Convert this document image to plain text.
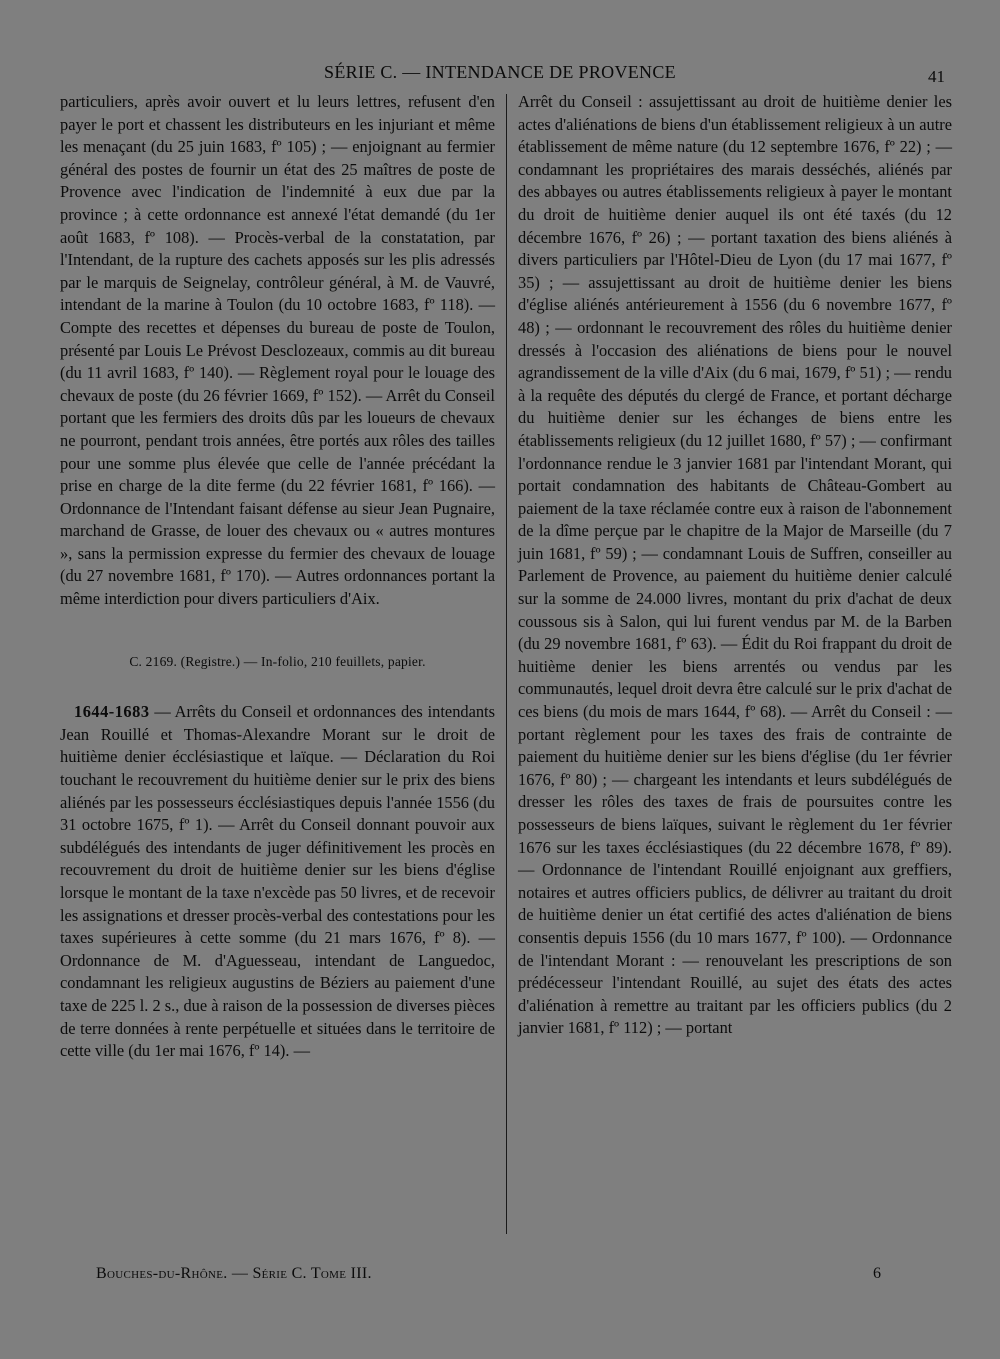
SÉRIE C. — INTENDANCE DE PROVENCE	41

particuliers, après avoir ouvert et lu leurs lettres, refusent d'en payer le port et chassent les distributeurs en les injuriant et même les menaçant (du 25 juin 1683, fº 105) ; — enjoignant au fermier général des postes de fournir un état des 25 maîtres de poste de Provence avec l'indication de l'indemnité à eux due par la province ; à cette ordonnance est annexé l'état demandé (du 1er août 1683, fº 108). — Procès-verbal de la constatation, par l'Intendant, de la rupture des cachets apposés sur les plis adressés par le marquis de Seignelay, contrôleur général, à M. de Vauvré, intendant de la marine à Toulon (du 10 octobre 1683, fº 118). — Compte des recettes et dépenses du bureau de poste de Toulon, présenté par Louis Le Prévost Desclozeaux, commis au dit bureau (du 11 avril 1683, fº 140). — Règlement royal pour le louage des chevaux de poste (du 26 février 1669, fº 152). — Arrêt du Conseil portant que les fermiers des droits dûs par les loueurs de chevaux ne pourront, pendant trois années, être portés aux rôles des tailles pour une somme plus élevée que celle de l'année précédant la prise en charge de la dite ferme (du 22 février 1681, fº 166). — Ordonnance de l'Intendant faisant défense au sieur Jean Pugnaire, marchand de Grasse, de louer des chevaux ou « autres montures », sans la permission expresse du fermier des chevaux de louage (du 27 novembre 1681, fº 170). — Autres ordonnances portant la même interdiction pour divers particuliers d'Aix.

C. 2169. (Registre.) — In-folio, 210 feuillets, papier.

1644-1683 — Arrêts du Conseil et ordonnances des intendants Jean Rouillé et Thomas-Alexandre Morant sur le droit de huitième denier écclésiastique et laïque. — Déclaration du Roi touchant le recouvrement du huitième denier sur le prix des biens aliénés par les possesseurs écclésiastiques depuis l'année 1556 (du 31 octobre 1675, fº 1). — Arrêt du Conseil donnant pouvoir aux subdélégués des intendants de juger définitivement les procès en recouvrement du droit de huitième denier sur les biens d'église lorsque le montant de la taxe n'excède pas 50 livres, et de recevoir les assignations et dresser procès-verbal des contestations pour les taxes supérieures à cette somme (du 21 mars 1676, fº 8). — Ordonnance de M. d'Aguesseau, intendant de Languedoc, condamnant les religieux augustins de Béziers au paiement d'une taxe de 225 l. 2 s., due à raison de la possession de diverses pièces de terre données à rente perpétuelle et situées dans le territoire de cette ville (du 1er mai 1676, fº 14). —

Arrêt du Conseil : assujettissant au droit de huitième denier les actes d'aliénations de biens d'un établissement religieux à un autre établissement de même nature (du 12 septembre 1676, fº 22) ; — condamnant les propriétaires des marais desséchés, aliénés par des abbayes ou autres établissements religieux à payer le montant du droit de huitième denier auquel ils ont été taxés (du 12 décembre 1676, fº 26) ; — portant taxation des biens aliénés à divers particuliers par l'Hôtel-Dieu de Lyon (du 17 mai 1677, fº 35) ; — assujettissant au droit de huitième denier les biens d'église aliénés antérieurement à 1556 (du 6 novembre 1677, fº 48) ; — ordonnant le recouvrement des rôles du huitième denier dressés à l'occasion des aliénations de biens pour le nouvel agrandissement de la ville d'Aix (du 6 mai, 1679, fº 51) ; — rendu à la requête des députés du clergé de France, et portant décharge du huitième denier sur les échanges de biens entre les établissements religieux (du 12 juillet 1680, fº 57) ; — confirmant l'ordonnance rendue le 3 janvier 1681 par l'intendant Morant, qui portait condamnation des habitants de Château-Gombert au paiement de la taxe réclamée contre eux à raison de l'abonnement de la dîme perçue par le chapitre de la Major de Marseille (du 7 juin 1681, fº 59) ; — condamnant Louis de Suffren, conseiller au Parlement de Provence, au paiement du huitième denier calculé sur la somme de 24.000 livres, montant du prix d'achat de deux coussous sis à Salon, qui lui furent vendus par M. de la Barben (du 29 novembre 1681, fº 63). — Édit du Roi frappant du droit de huitième denier les biens arrentés ou vendus par les communautés, lequel droit devra être calculé sur le prix d'achat de ces biens (du mois de mars 1644, fº 68). — Arrêt du Conseil : — portant règlement pour les taxes des frais de contrainte de paiement du huitième denier sur les biens d'église (du 1er février 1676, fº 80) ; — chargeant les intendants et leurs subdélégués de dresser les rôles des taxes de frais de poursuites contre les possesseurs de biens laïques, suivant le règlement du 1er février 1676 sur les taxes écclésiastiques (du 22 décembre 1678, fº 89). — Ordonnance de l'intendant Rouillé enjoignant aux greffiers, notaires et autres officiers publics, de délivrer au traitant du droit de huitième denier un état certifié des actes d'aliénation de biens consentis depuis 1556 (du 10 mars 1677, fº 100). — Ordonnance de l'intendant Morant : — renouvelant les prescriptions de son prédécesseur l'intendant Rouillé, au sujet des états des actes d'aliénation à remettre au traitant par les officiers publics (du 2 janvier 1681, fº 112) ; — portant

Bouches-du-Rhône. — Série C. Tome III.	6
